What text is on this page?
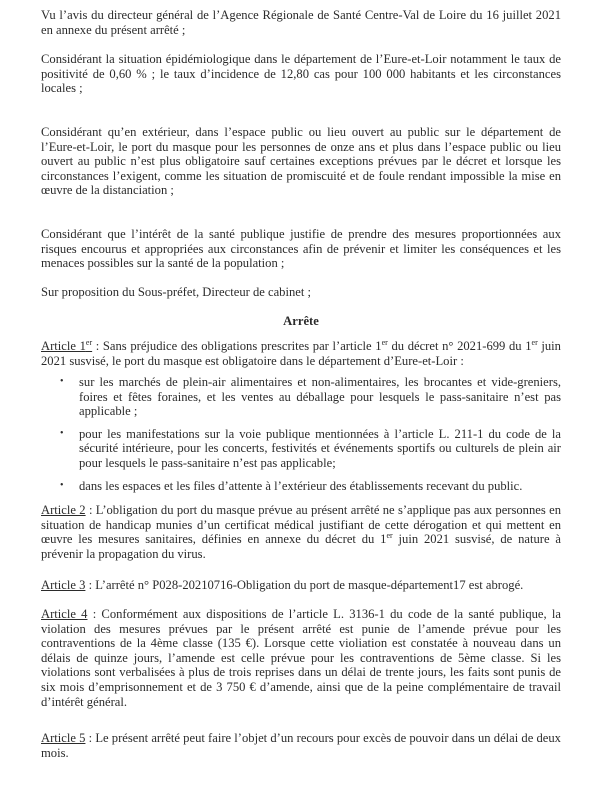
Vu l’avis du directeur général de l’Agence Régionale de Santé Centre-Val de Loire du 16 juillet 2021 en annexe du présent arrêté ;

Considérant la situation épidémiologique dans le département de l’Eure-et-Loir notamment le taux de positivité de 0,60 % ; le taux d’incidence de 12,80 cas pour 100 000 habitants et les circonstances locales ;

Considérant qu’en extérieur, dans l’espace public ou lieu ouvert au public sur le département de l’Eure-et-Loir, le port du masque pour les personnes de onze ans et plus dans l’espace public ou lieu ouvert au public n’est plus obligatoire sauf certaines exceptions prévues par le décret et lorsque les circonstances l’exigent, comme les situation de promiscuité et de foule rendant impossible la mise en œuvre de la distanciation ;

Considérant que l’intérêt de la santé publique justifie de prendre des mesures proportionnées aux risques encourus et appropriées aux circonstances afin de prévenir et limiter les conséquences et les menaces possibles sur la santé de la population ;

Sur proposition du Sous-préfet, Directeur de cabinet ;

Arrête

Article 1er : Sans préjudice des obligations prescrites par l’article 1er du décret n° 2021-699 du 1er juin 2021 susvisé, le port du masque est obligatoire dans le département d’Eure-et-Loir :

• sur les marchés de plein-air alimentaires et non-alimentaires, les brocantes et vide-greniers, foires et fêtes foraines, et les ventes au déballage pour lesquels le pass-sanitaire n’est pas applicable ;
• pour les manifestations sur la voie publique mentionnées à l’article L. 211-1 du code de la sécurité intérieure, pour les concerts, festivités et événements sportifs ou culturels de plein air pour lesquels le pass-sanitaire n’est pas applicable;
• dans les espaces et les files d’attente à l’extérieur des établissements recevant du public.

Article 2 : L’obligation du port du masque prévue au présent arrêté ne s’applique pas aux personnes en situation de handicap munies d’un certificat médical justifiant de cette dérogation et qui mettent en œuvre les mesures sanitaires, définies en annexe du décret du 1er juin 2021 susvisé, de nature à prévenir la propagation du virus.

Article 3 : L’arrêté n° P028-20210716-Obligation du port de masque-département17 est abrogé.

Article 4 : Conformément aux dispositions de l’article L. 3136-1 du code de la santé publique, la violation des mesures prévues par le présent arrêté est punie de l’amende prévue pour les contraventions de la 4ème classe (135 €). Lorsque cette violiation est constatée à nouveau dans un délais de quinze jours, l’amende est celle prévue pour les contraventions de 5ème classe. Si les violations sont verbalisées à plus de trois reprises dans un délai de trente jours, les faits sont punis de six mois d’emprisonnement et de 3 750 € d’amende, ainsi que de la peine complémentaire de travail d’intérêt général.

Article 5 : Le présent arrêté peut faire l’objet d’un recours pour excès de pouvoir dans un délai de deux mois.
